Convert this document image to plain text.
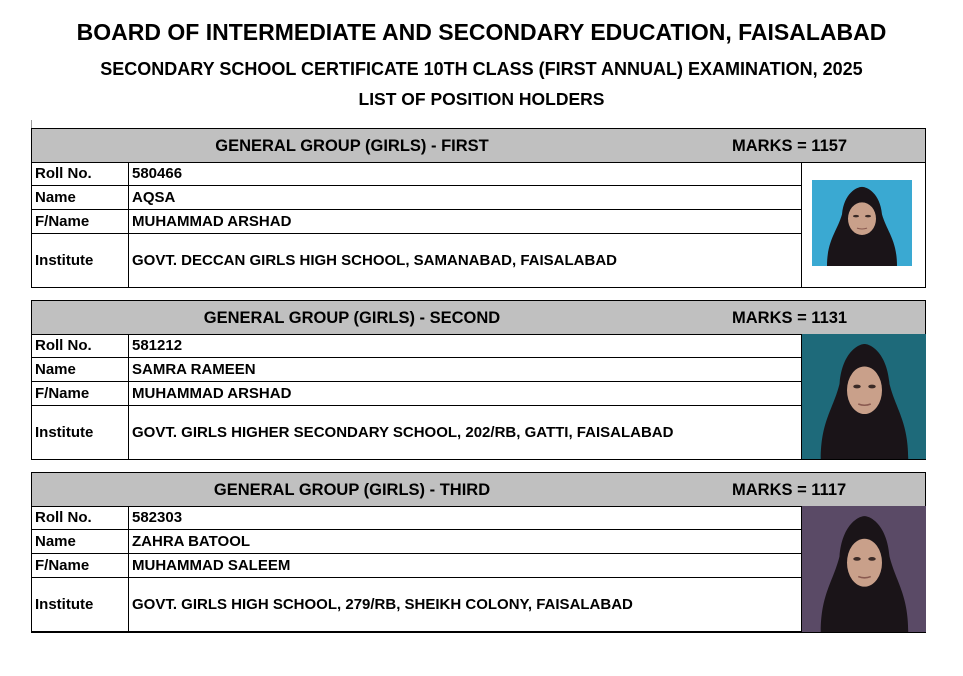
BOARD OF INTERMEDIATE AND SECONDARY EDUCATION, FAISALABAD
SECONDARY SCHOOL CERTIFICATE 10TH CLASS (FIRST ANNUAL) EXAMINATION, 2025
LIST OF POSITION HOLDERS
GENERAL GROUP (GIRLS) - FIRST	MARKS = 1157
Roll No.	580466
Name	AQSA
F/Name	MUHAMMAD ARSHAD
Institute	GOVT. DECCAN GIRLS HIGH SCHOOL, SAMANABAD, FAISALABAD
GENERAL GROUP (GIRLS) - SECOND	MARKS = 1131
Roll No.	581212
Name	SAMRA RAMEEN
F/Name	MUHAMMAD ARSHAD
Institute	GOVT. GIRLS HIGHER SECONDARY SCHOOL, 202/RB, GATTI, FAISALABAD
GENERAL GROUP (GIRLS) - THIRD	MARKS = 1117
Roll No.	582303
Name	ZAHRA BATOOL
F/Name	MUHAMMAD SALEEM
Institute	GOVT. GIRLS HIGH SCHOOL, 279/RB, SHEIKH COLONY, FAISALABAD
